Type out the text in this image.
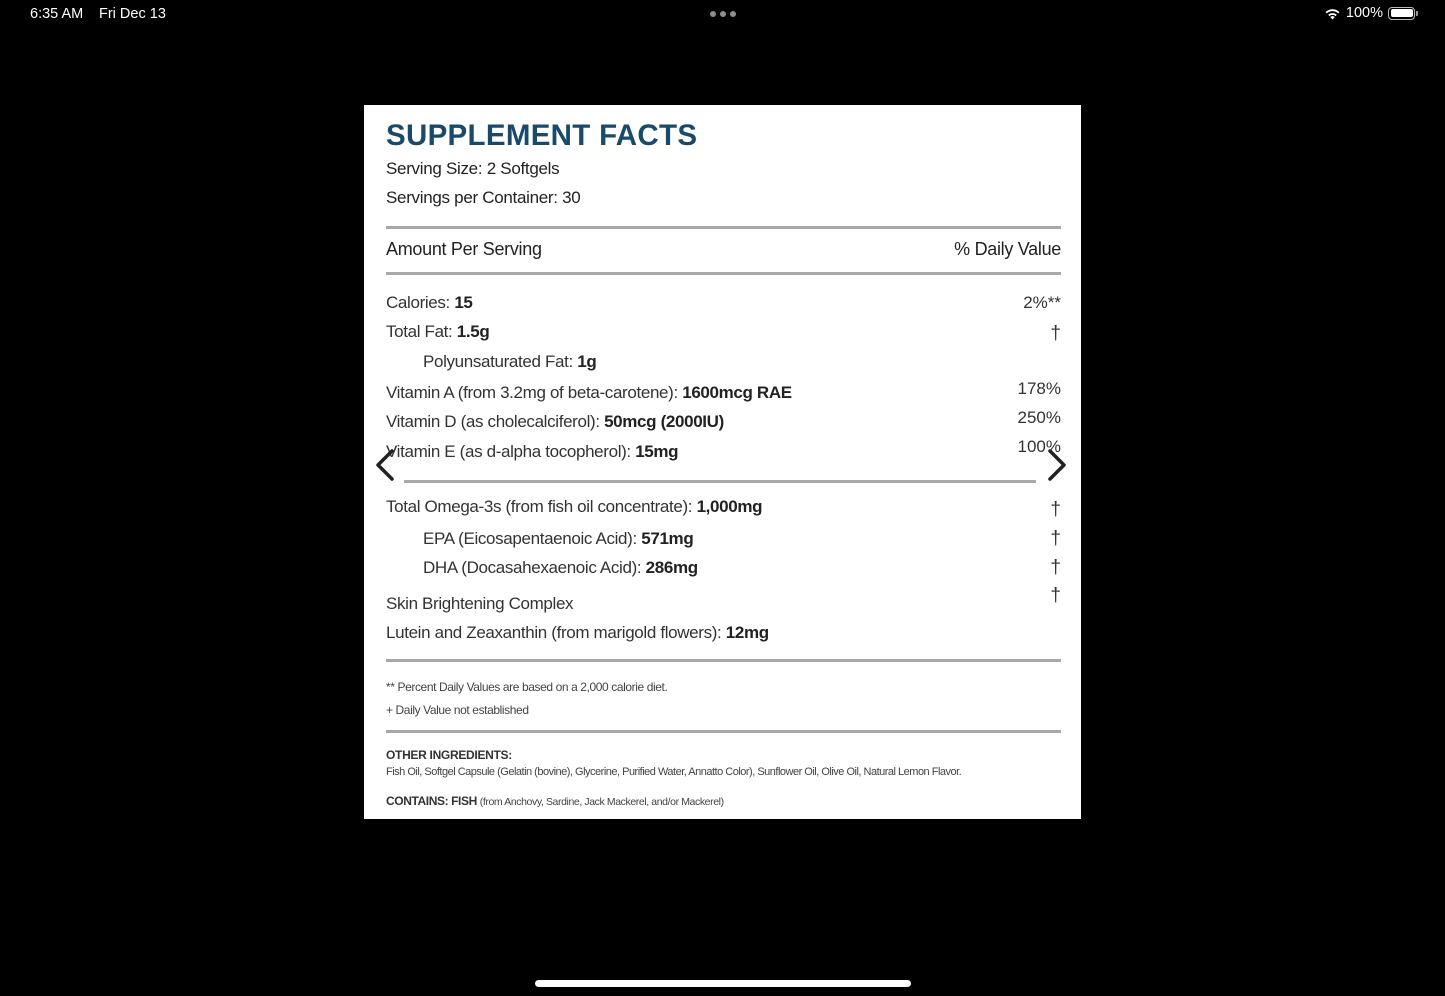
6:35 AM Fri Dec 13	100%
SUPPLEMENT FACTS
Serving Size: 2 Softgels
Servings per Container: 30
Amount Per Serving	% Daily Value
Calories: 15	2%**
Total Fat: 1.5g	†
Polyunsaturated Fat: 1g
Vitamin A (from 3.2mg of beta-carotene): 1600mcg RAE	178%
Vitamin D (as cholecalciferol): 50mcg (2000IU)	250%
Vitamin E (as d-alpha tocopherol): 15mg	100%
Total Omega-3s (from fish oil concentrate): 1,000mg	†
EPA (Eicosapentaenoic Acid): 571mg	†
DHA (Docasahexaenoic Acid): 286mg	†
Skin Brightening Complex	†
Lutein and Zeaxanthin (from marigold flowers): 12mg
** Percent Daily Values are based on a 2,000 calorie diet.
+ Daily Value not established
OTHER INGREDIENTS:
Fish Oil, Softgel Capsule (Gelatin (bovine), Glycerine, Purified Water, Annatto Color), Sunflower Oil, Olive Oil, Natural Lemon Flavor.
CONTAINS: FISH (from Anchovy, Sardine, Jack Mackerel, and/or Mackerel)
